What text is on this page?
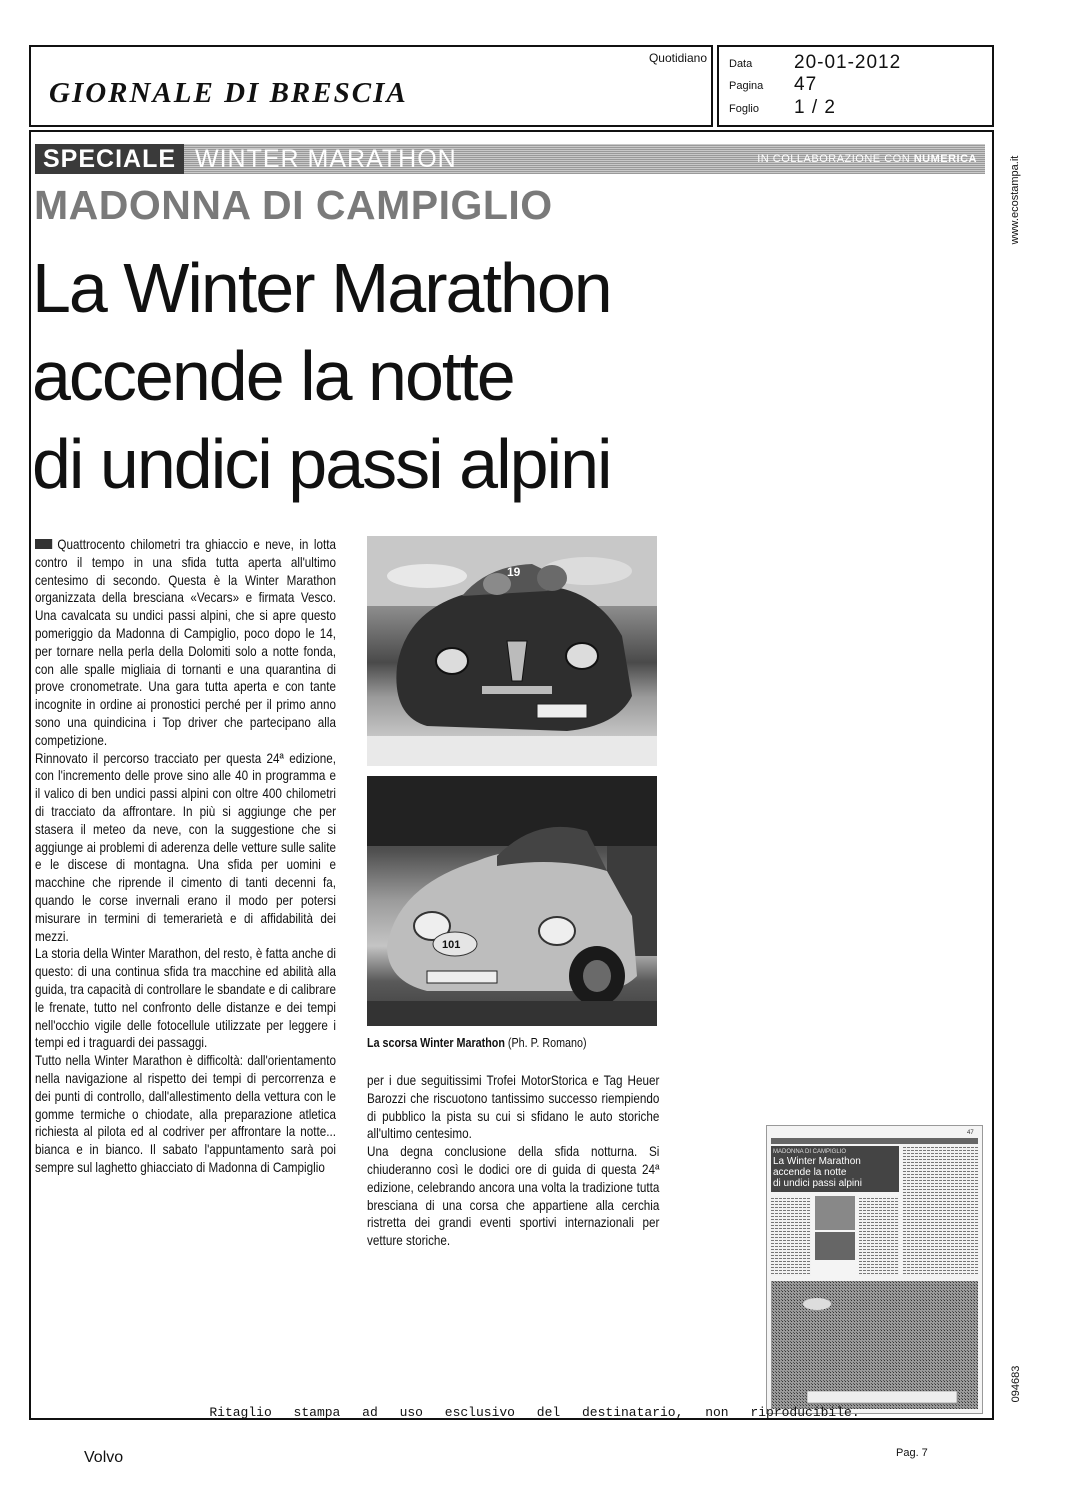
GIORNALE DI BRESCIA
Quotidiano Data 20-01-2012
Pagina 47
Foglio 1 / 2
SPECIALE WINTER MARATHON	IN COLLABORAZIONE CON NUMERICA
MADONNA DI CAMPIGLIO
La Winter Marathon
accende la notte
di undici passi alpini
www.ecostampa.it
094683

Quattrocento chilometri tra ghiaccio e neve, in lotta contro il tempo in una sfida tutta aperta all'ultimo centesimo di secondo. Questa è la Winter Marathon organizzata della bresciana «Vecars» e firmata Vesco. Una cavalcata su undici passi alpini, che si apre questo pomeriggio da Madonna di Campiglio, poco dopo le 14, per tornare nella perla della Dolomiti solo a notte fonda, con alle spalle migliaia di tornanti e una quarantina di prove cronometrate. Una gara tutta aperta e con tante incognite in ordine ai pronostici perché per il primo anno sono una quindicina i Top driver che partecipano alla competizione.

Rinnovato il percorso tracciato per questa 24ª edizione, con l'incremento delle prove sino alle 40 in programma e il valico di ben undici passi alpini con oltre 400 chilometri di tracciato da affrontare. In più si aggiunge che per stasera il meteo da neve, con la suggestione che si aggiunge ai problemi di aderenza delle vetture sulle salite e le discese di montagna. Una sfida per uomini e macchine che riprende il cimento di tanti decenni fa, quando le corse invernali erano il modo per potersi misurare in termini di temerarietà e di affidabilità dei mezzi.

La storia della Winter Marathon, del resto, è fatta anche di questo: di una continua sfida tra macchine ed abilità alla guida, tra capacità di controllare le sbandate e di calibrare le frenate, tutto nel confronto delle distanze e dei tempi nell'occhio vigile delle fotocellule utilizzate per leggere i tempi ed i traguardi dei passaggi.

Tutto nella Winter Marathon è difficoltà: dall'orientamento nella navigazione al rispetto dei tempi di percorrenza e dei punti di controllo, dall'allestimento della vettura con le gomme termiche o chiodate, alla preparazione atletica richiesta al pilota ed al codriver per affrontare la notte... bianca e in bianco. Il sabato l'appuntamento sarà poi sempre sul laghetto ghiacciato di Madonna di Campiglio

19
101
La scorsa Winter Marathon (Ph. P. Romano)

per i due seguitissimi Trofei MotorStorica e Tag Heuer Barozzi che riscuotono tantissimo successo riempiendo di pubblico la pista su cui si sfidano le auto storiche all'ultimo centesimo.

Una degna conclusione della sfida notturna. Si chiuderanno così le dodici ore di guida di questa 24ª edizione, celebrando ancora una volta la tradizione tutta bresciana di una corsa che appartiene alla cerchia ristretta dei grandi eventi sportivi internazionali per vetture storiche.

47
MADONNA DI CAMPIGLIO
La Winter Marathon
accende la notte
di undici passi alpini
Ritaglio stampa ad uso esclusivo del destinatario, non riproducibile.
Volvo	Pag. 7
